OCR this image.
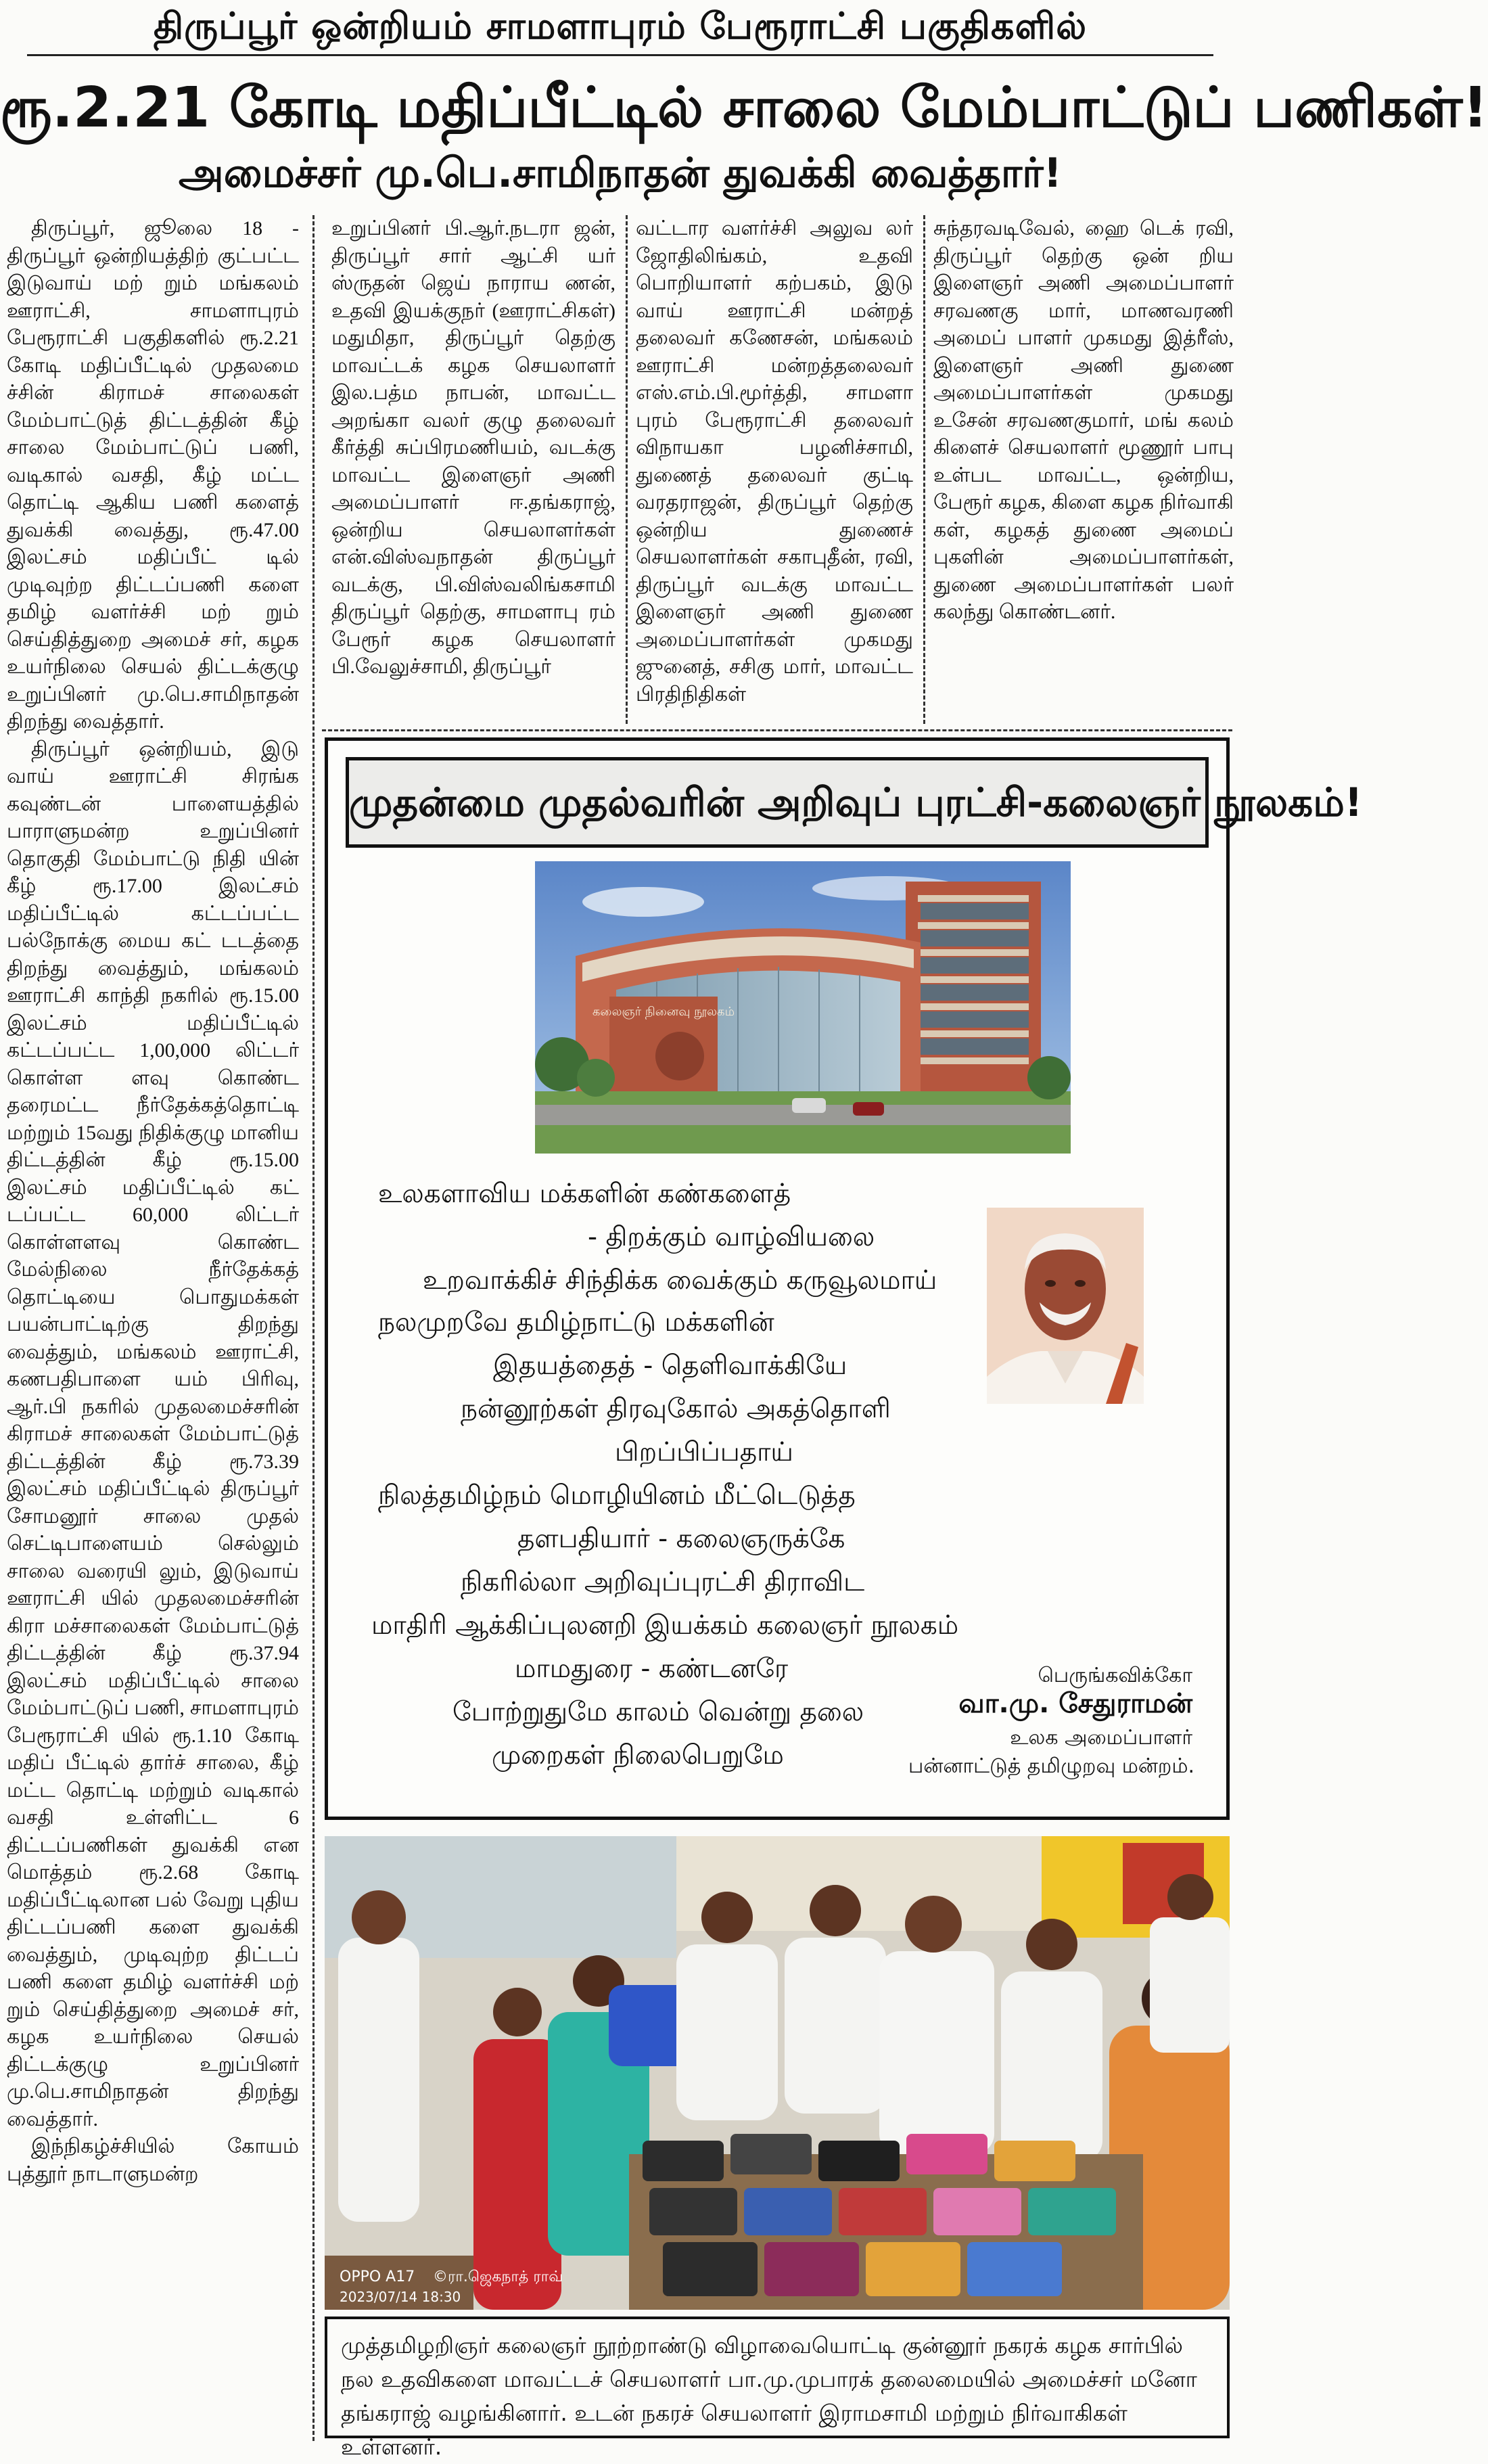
திருப்பூர் ஒன்றியம் சாமளாபுரம் பேரூராட்சி பகுதிகளில்
ரூ.2.21 கோடி மதிப்பீட்டில் சாலை மேம்பாட்டுப் பணிகள்!
அமைச்சர் மு.பெ.சாமிநாதன் துவக்கி வைத்தார்!

திருப்பூர், ஜூலை 18 - திருப்பூர் ஒன்றியத்திற் குட்பட்ட இடுவாய் மற் றும் மங்கலம் ஊராட்சி, சாமளாபுரம் பேரூராட்சி பகுதிகளில் ரூ.2.21 கோடி மதிப்பீட்டில் முதலமை ச்சின் கிராமச் சாலைகள் மேம்பாட்டுத் திட்டத்தின் கீழ் சாலை மேம்பாட்டுப் பணி, வடிகால் வசதி, கீழ் மட்ட தொட்டி ஆகிய பணி களைத் துவக்கி வைத்து, ரூ.47.00 இலட்சம் மதிப்பீட் டில் முடிவுற்ற திட்டப்பணி களை தமிழ் வளர்ச்சி மற் றும் செய்தித்துறை அமைச் சர், கழக உயர்நிலை செயல் திட்டக்குழு உறுப்பினர் மு.பெ.சாமிநாதன் திறந்து வைத்தார்.

திருப்பூர் ஒன்றியம், இடு வாய் ஊராட்சி சிரங்க கவுண்டன் பாளையத்தில் பாராளுமன்ற உறுப்பினர் தொகுதி மேம்பாட்டு நிதி யின் கீழ் ரூ.17.00 இலட்சம் மதிப்பீட்டில் கட்டப்பட்ட பல்நோக்கு மைய கட் டடத்தை திறந்து வைத்தும், மங்கலம் ஊராட்சி காந்தி நகரில் ரூ.15.00 இலட்சம் மதிப்பீட்டில் கட்டப்பட்ட 1,00,000 லிட்டர் கொள்ள ளவு கொண்ட தரைமட்ட நீர்தேக்கத்தொட்டி மற்றும் 15வது நிதிக்குழு மானிய திட்டத்தின் கீழ் ரூ.15.00 இலட்சம் மதிப்பீட்டில் கட் டப்பட்ட 60,000 லிட்டர் கொள்ளளவு கொண்ட மேல்நிலை நீர்தேக்கத் தொட்டியை பொதுமக்கள் பயன்பாட்டிற்கு திறந்து வைத்தும், மங்கலம் ஊராட்சி, கணபதிபாளை யம் பிரிவு, ஆர்.பி நகரில் முதலமைச்சரின் கிராமச் சாலைகள் மேம்பாட்டுத் திட்டத்தின் கீழ் ரூ.73.39 இலட்சம் மதிப்பீட்டில் திருப்பூர் சோமனூர் சாலை முதல் செட்டிபாளையம் செல்லும் சாலை வரையி லும், இடுவாய் ஊராட்சி யில் முதலமைச்சரின் கிரா மச்சாலைகள் மேம்பாட்டுத் திட்டத்தின் கீழ் ரூ.37.94 இலட்சம் மதிப்பீட்டில் சாலை மேம்பாட்டுப் பணி, சாமளாபுரம் பேரூராட்சி யில் ரூ.1.10 கோடி மதிப் பீட்டில் தார்ச் சாலை, கீழ் மட்ட தொட்டி மற்றும் வடிகால் வசதி உள்ளிட்ட 6 திட்டப்பணிகள் துவக்கி என மொத்தம் ரூ.2.68 கோடி மதிப்பீட்டிலான பல் வேறு புதிய திட்டப்பணி களை துவக்கி வைத்தும், முடிவுற்ற திட்டப் பணி களை தமிழ் வளர்ச்சி மற் றும் செய்தித்துறை அமைச் சர், கழக உயர்நிலை செயல் திட்டக்குழு உறுப்பினர் மு.பெ.சாமிநாதன் திறந்து வைத்தார்.

இந்நிகழ்ச்சியில் கோயம் புத்தூர் நாடாளுமன்ற

உறுப்பினர் பி.ஆர்.நடரா ஜன், திருப்பூர் சார் ஆட்சி யர் ஸ்ருதன் ஜெய் நாராய ணன், உதவி இயக்குநர் (ஊராட்சிகள்) மதுமிதா, திருப்பூர் தெற்கு மாவட்டக் கழக செயலாளர் இல.பத்ம நாபன், மாவட்ட அறங்கா வலர் குழு தலைவர் கீர்த்தி சுப்பிரமணியம், வடக்கு மாவட்ட இளைஞர் அணி அமைப்பாளர் ஈ.தங்கராஜ், ஒன்றிய செயலாளர்கள் என்.விஸ்வநாதன் திருப்பூர் வடக்கு, பி.விஸ்வலிங்கசாமி திருப்பூர் தெற்கு, சாமளாபு ரம் பேரூர் கழக செயலாளர் பி.வேலுச்சாமி, திருப்பூர்
வட்டார வளர்ச்சி அலுவ லர் ஜோதிலிங்கம், உதவி பொறியாளர் கற்பகம், இடு வாய் ஊராட்சி மன்றத் தலைவர் கணேசன், மங்கலம் ஊராட்சி மன்றத்தலைவர் எஸ்.எம்.பி.மூர்த்தி, சாமளா புரம் பேரூராட்சி தலைவர் விநாயகா பழனிச்சாமி, துணைத் தலைவர் குட்டி வரதராஜன், திருப்பூர் தெற்கு ஒன்றிய துணைச் செயலாளர்கள் சகாபுதீன், ரவி, திருப்பூர் வடக்கு மாவட்ட இளைஞர் அணி துணை அமைப்பாளர்கள் முகமது ஜுனைத், சசிகு மார், மாவட்ட பிரதிநிதிகள்
சுந்தரவடிவேல், ஹை டெக் ரவி, திருப்பூர் தெற்கு ஒன் றிய இளைஞர் அணி அமைப்பாளர் சரவணகு மார், மாணவரணி அமைப் பாளர் முகமது இத்ரீஸ், இளைஞர் அணி துணை அமைப்பாளர்கள் முகமது உசேன் சரவணகுமார், மங் கலம் கிளைச் செயலாளர் மூணூர் பாபு உள்பட மாவட்ட, ஒன்றிய, பேரூர் கழக, கிளை கழக நிர்வாகி கள், கழகத் துணை அமைப் புகளின் அமைப்பாளர்கள், துணை அமைப்பாளர்கள் பலர் கலந்து கொண்டனர்.
முதன்மை முதல்வரின் அறிவுப் புரட்சி-கலைஞர் நூலகம்!
கலைஞர் நினைவு நூலகம்
உலகளாவிய மக்களின் கண்களைத்
- திறக்கும் வாழ்வியலை
உறவாக்கிச் சிந்திக்க வைக்கும் கருவூலமாய்
நலமுறவே தமிழ்நாட்டு மக்களின்
இதயத்தைத் - தெளிவாக்கியே
நன்னூற்கள் திரவுகோல் அகத்தொளி
பிறப்பிப்பதாய்
நிலத்தமிழ்நம் மொழியினம் மீட்டெடுத்த
தளபதியார் - கலைஞருக்கே
நிகரில்லா அறிவுப்புரட்சி திராவிட
மாதிரி ஆக்கிப்புலனறி இயக்கம் கலைஞர் நூலகம்
மாமதுரை - கண்டனரே
போற்றுதுமே காலம் வென்று தலை
முறைகள் நிலைபெறுமே
பெருங்கவிக்கோ
வா.மு. சேதுராமன்
உலக அமைப்பாளர்
பன்னாட்டுத் தமிழுறவு மன்றம்.
OPPO A17 ©ரா.ஜெகநாத் ராவ்
2023/07/14 18:30
முத்தமிழறிஞர் கலைஞர் நூற்றாண்டு விழாவையொட்டி குன்னூர் நகரக் கழக சார்பில் நல உதவிகளை மாவட்டச் செயலாளர் பா.மு.முபாரக் தலைமையில் அமைச்சர் மனோ தங்கராஜ் வழங்கினார். உடன் நகரச் செயலாளர் இராமசாமி மற்றும் நிர்வாகிகள் உள்ளனர்.
